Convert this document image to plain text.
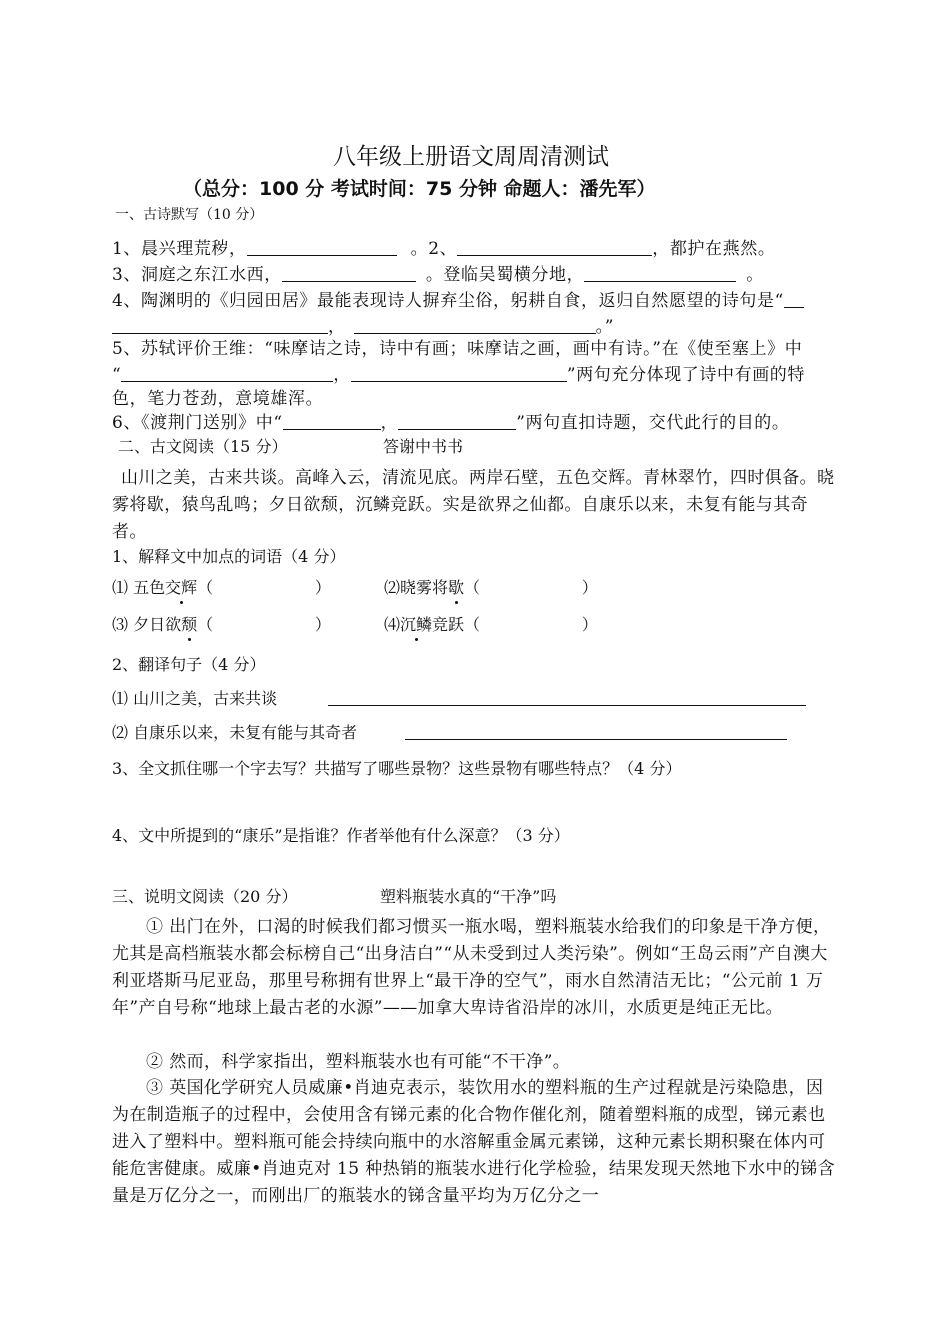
八年级上册语文周周清测试
（总分：100 分 考试时间：75 分钟 命题人：潘先军）
一、古诗默写（10 分）
1、晨兴理荒秽，	。2、	，都护在燕然。
3、洞庭之东江水西，	。登临吴蜀横分地，	。
4、陶渊明的《归园田居》最能表现诗人摒弃尘俗，躬耕自食，返归自然愿望的诗句是“
，	。”
5、苏轼评价王维：“味摩诘之诗，诗中有画；味摩诘之画，画中有诗。”在《使至塞上》中
“	，	”两句充分体现了诗中有画的特
色，笔力苍劲，意境雄浑。
6、《渡荆门送别》中“	，	”两句直扣诗题，交代此行的目的。
二、古文阅读（15 分）	答谢中书书
山川之美，古来共谈。高峰入云，清流见底。两岸石壁，五色交辉。青林翠竹，四时俱备。晓雾将歇，猿鸟乱鸣；夕日欲颓，沉鳞竞跃。实是欲界之仙都。自康乐以来，未复有能与其奇者。
1、解释文中加点的词语（4 分）
⑴ 五色交辉（                    ）	⑵晓雾将歇（                    ）
⑶ 夕日欲颓（                    ）	⑷沉鳞竞跃（                    ）
2、翻译句子（4 分）
⑴ 山川之美，古来共谈
⑵ 自康乐以来，未复有能与其奇者
3、全文抓住哪一个字去写？共描写了哪些景物？这些景物有哪些特点？（4 分）
4、文中所提到的“康乐”是指谁？作者举他有什么深意？（3 分）
三、说明文阅读（20 分）	塑料瓶装水真的“干净”吗
① 出门在外，口渴的时候我们都习惯买一瓶水喝，塑料瓶装水给我们的印象是干净方便，尤其是高档瓶装水都会标榜自己“出身洁白”“从未受到过人类污染”。例如“王岛云雨”产自澳大利亚塔斯马尼亚岛，那里号称拥有世界上“最干净的空气”，雨水自然清洁无比；“公元前 1 万年”产自号称“地球上最古老的水源”——加拿大卑诗省沿岸的冰川，水质更是纯正无比。
② 然而，科学家指出，塑料瓶装水也有可能“不干净”。
③ 英国化学研究人员威廉•肖迪克表示，装饮用水的塑料瓶的生产过程就是污染隐患，因为在制造瓶子的过程中，会使用含有锑元素的化合物作催化剂，随着塑料瓶的成型，锑元素也进入了塑料中。塑料瓶可能会持续向瓶中的水溶解重金属元素锑，这种元素长期积聚在体内可能危害健康。威廉•肖迪克对 15 种热销的瓶装水进行化学检验，结果发现天然地下水中的锑含量是万亿分之一，而刚出厂的瓶装水的锑含量平均为万亿分之一
